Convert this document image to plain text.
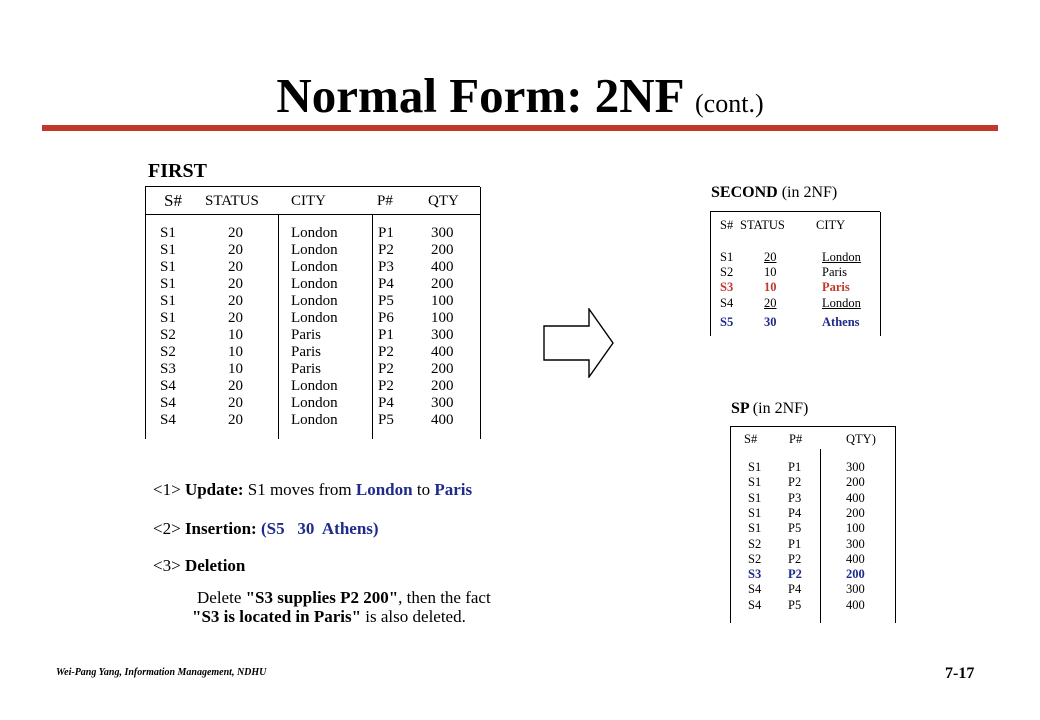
Normal Form: 2NF (cont.)
FIRST
S# STATUS CITY	P# QTY
S1	20	London	P1 300
S1	20	London	P2 200
S1	20	London	P3 400
S1	20	London	P4 200
S1	20	London	P5 100
S1	20	London	P6 100
S2	10	Paris	P1 300
S2	10	Paris	P2 400
S3	10	Paris	P2 200
S4	20	London	P2 200
S4	20	London	P4 300
S4	20	London	P5 400
SECOND (in 2NF)
S# STATUS CITY
S1 20	London
S2 10	Paris
S3 10	Paris
S4 20	London
S5 30	Athens
SP (in 2NF)
S#	P#	QTY)
S1 P1	300
S1 P2	200
S1 P3	400
S1 P4	200
S1 P5	100
S2 P1	300
S2 P2	400
S3 P2	200
S4 P4	300
S4 P5	400
<1> Update: S1 moves from London to Paris
<2> Insertion: (S5   30  Athens)
<3> Deletion
Delete "S3 supplies P2 200", then the fact
"S3 is located in Paris" is also deleted.
Wei-Pang Yang, Information Management, NDHU	7-17
